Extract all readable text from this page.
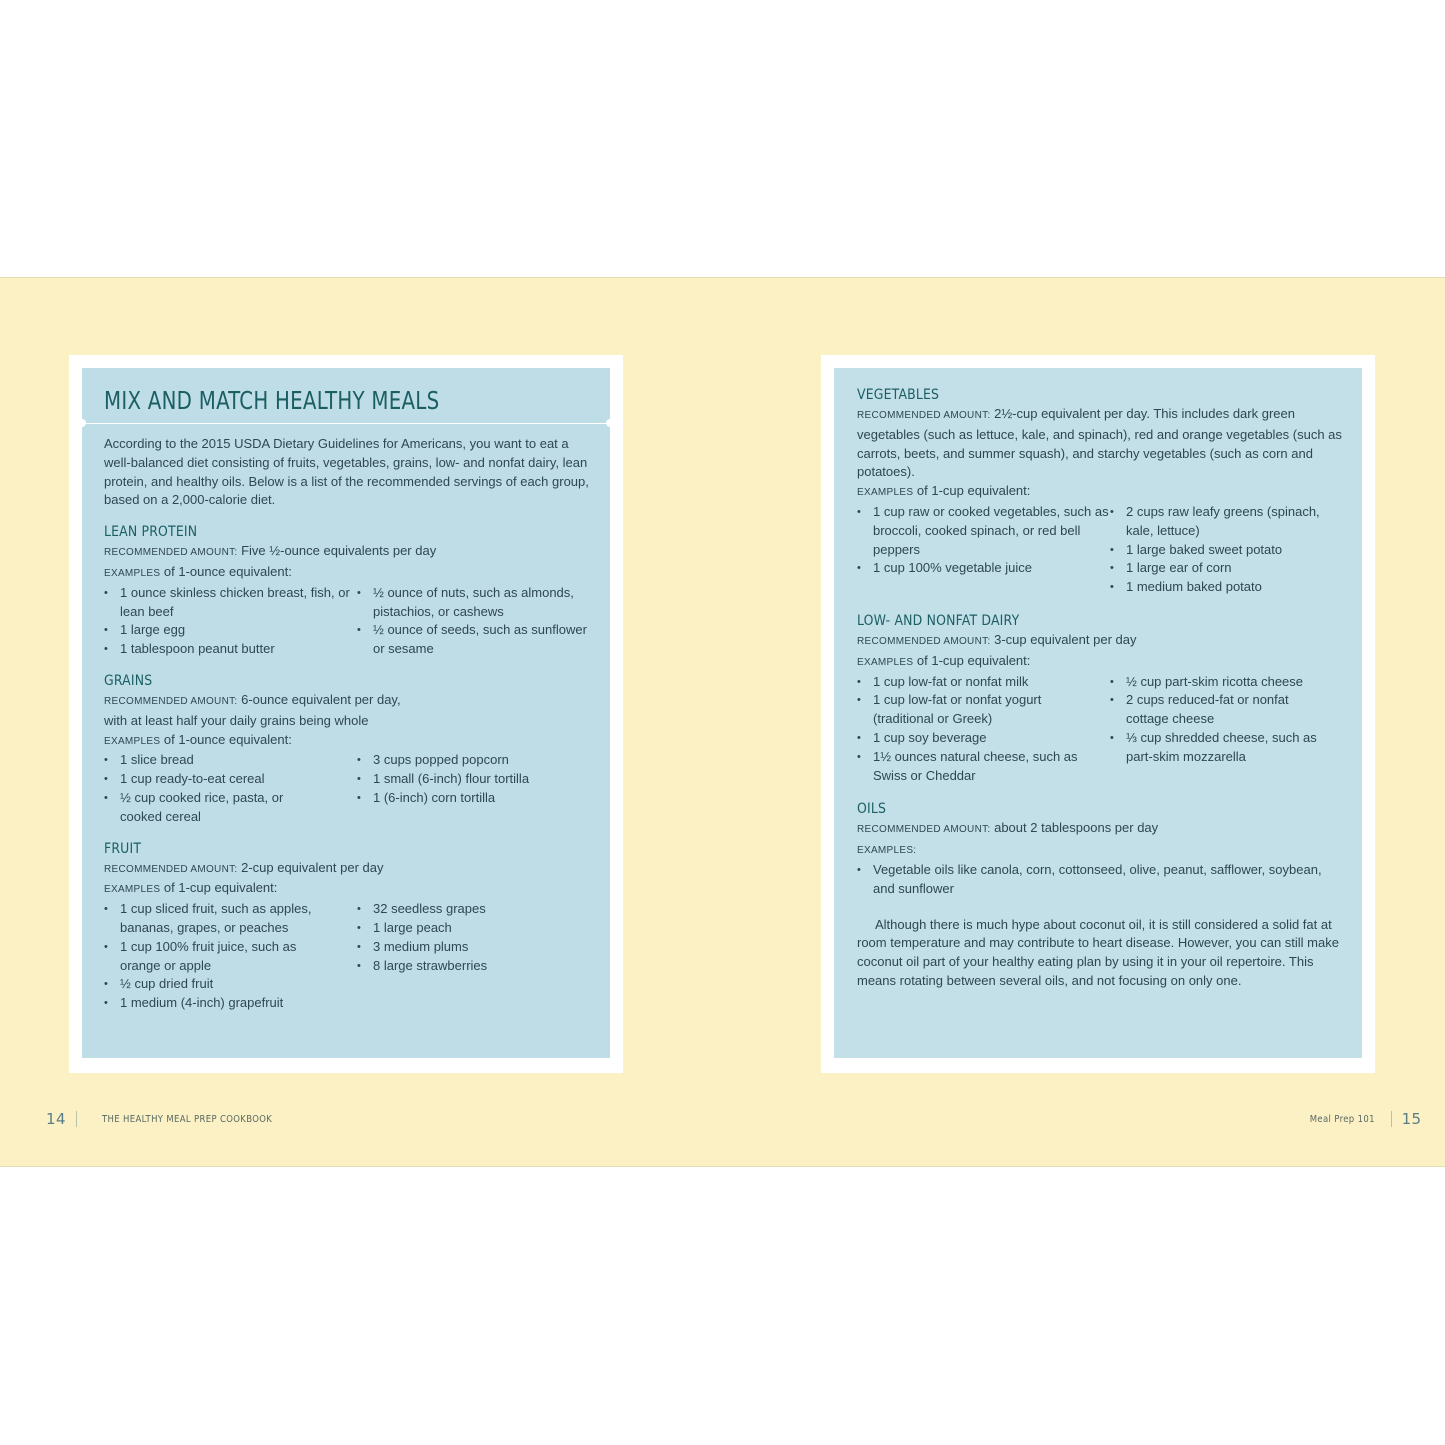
MIX AND MATCH HEALTHY MEALS

According to the 2015 USDA Dietary Guidelines for Americans, you want to eat a well-balanced diet consisting of fruits, vegetables, grains, low- and nonfat dairy, lean protein, and healthy oils. Below is a list of the recommended servings of each group, based on a 2,000-calorie diet.

LEAN PROTEIN
RECOMMENDED AMOUNT: Five ½-ounce equivalents per day
EXAMPLES of 1-ounce equivalent:
• 1 ounce skinless chicken breast, fish, or lean beef
• 1 large egg
• 1 tablespoon peanut butter
• ½ ounce of nuts, such as almonds, pistachios, or cashews
• ½ ounce of seeds, such as sunflower or sesame
GRAINS
RECOMMENDED AMOUNT: 6-ounce equivalent per day, with at least half your daily grains being whole
EXAMPLES of 1-ounce equivalent:
• 1 slice bread
• 1 cup ready-to-eat cereal
• ½ cup cooked rice, pasta, or cooked cereal
• 3 cups popped popcorn
• 1 small (6-inch) flour tortilla
• 1 (6-inch) corn tortilla
FRUIT
RECOMMENDED AMOUNT: 2-cup equivalent per day
EXAMPLES of 1-cup equivalent:
• 1 cup sliced fruit, such as apples, bananas, grapes, or peaches
• 1 cup 100% fruit juice, such as orange or apple
• ½ cup dried fruit
• 1 medium (4-inch) grapefruit
• 32 seedless grapes
• 1 large peach
• 3 medium plums
• 8 large strawberries
VEGETABLES
RECOMMENDED AMOUNT: 2½-cup equivalent per day. This includes dark green vegetables (such as lettuce, kale, and spinach), red and orange vegetables (such as carrots, beets, and summer squash), and starchy vegetables (such as corn and potatoes).
EXAMPLES of 1-cup equivalent:
• 1 cup raw or cooked vegetables, such as broccoli, cooked spinach, or red bell peppers
• 1 cup 100% vegetable juice
• 2 cups raw leafy greens (spinach, kale, lettuce)
• 1 large baked sweet potato
• 1 large ear of corn
• 1 medium baked potato
LOW- AND NONFAT DAIRY
RECOMMENDED AMOUNT: 3-cup equivalent per day
EXAMPLES of 1-cup equivalent:
• 1 cup low-fat or nonfat milk
• 1 cup low-fat or nonfat yogurt (traditional or Greek)
• 1 cup soy beverage
• 1½ ounces natural cheese, such as Swiss or Cheddar
• ½ cup part-skim ricotta cheese
• 2 cups reduced-fat or nonfat cottage cheese
• ⅓ cup shredded cheese, such as part-skim mozzarella
OILS
RECOMMENDED AMOUNT: about 2 tablespoons per day
EXAMPLES:
• Vegetable oils like canola, corn, cottonseed, olive, peanut, safflower, soybean, and sunflower

Although there is much hype about coconut oil, it is still considered a solid fat at room temperature and may contribute to heart disease. However, you can still make coconut oil part of your healthy eating plan by using it in your oil repertoire. This means rotating between several oils, and not focusing on only one.

14	THE HEALTHY MEAL PREP COOKBOOK	Meal Prep 101 15
